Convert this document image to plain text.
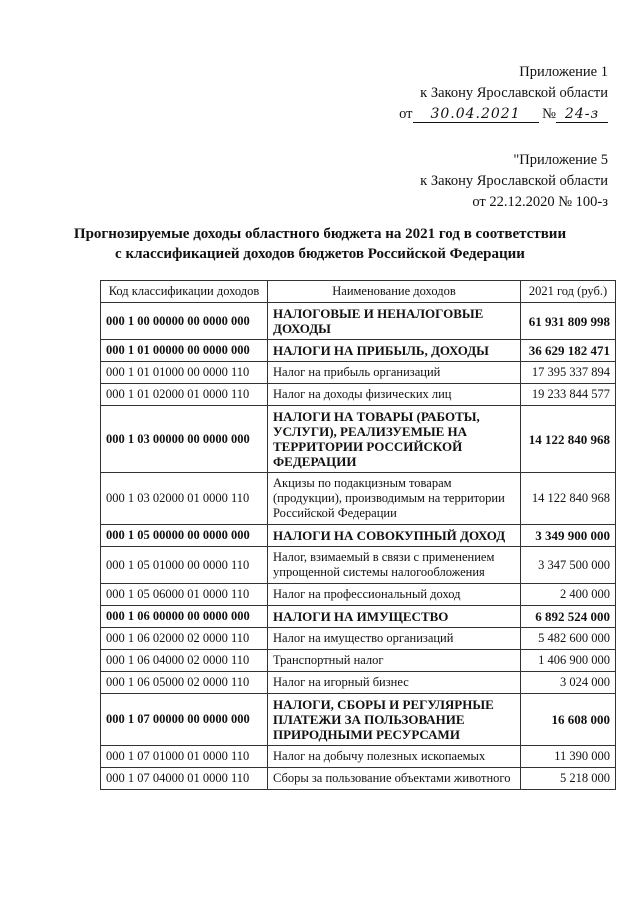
Приложение 1
к Закону Ярославской области
от 30.04.2021 № 24-з
"Приложение 5
к Закону Ярославской области
от 22.12.2020 № 100-з
Прогнозируемые доходы областного бюджета на 2021 год в соответствии
с классификацией доходов бюджетов Российской Федерации
Код классификации доходов	Наименование доходов	2021 год (руб.)
000 1 00 00000 00 0000 000	НАЛОГОВЫЕ И НЕНАЛОГОВЫЕ ДОХОДЫ	61 931 809 998
000 1 01 00000 00 0000 000	НАЛОГИ НА ПРИБЫЛЬ, ДОХОДЫ	36 629 182 471
000 1 01 01000 00 0000 110	Налог на прибыль организаций	17 395 337 894
000 1 01 02000 01 0000 110	Налог на доходы физических лиц	19 233 844 577
000 1 03 00000 00 0000 000	НАЛОГИ НА ТОВАРЫ (РАБОТЫ, УСЛУГИ), РЕАЛИЗУЕМЫЕ НА ТЕРРИТОРИИ РОССИЙСКОЙ ФЕДЕРАЦИИ	14 122 840 968
000 1 03 02000 01 0000 110	Акцизы по подакцизным товарам (продукции), производимым на территории Российской Федерации	14 122 840 968
000 1 05 00000 00 0000 000	НАЛОГИ НА СОВОКУПНЫЙ ДОХОД	3 349 900 000
000 1 05 01000 00 0000 110	Налог, взимаемый в связи с применением упрощенной системы налогообложения	3 347 500 000
000 1 05 06000 01 0000 110	Налог на профессиональный доход	2 400 000
000 1 06 00000 00 0000 000	НАЛОГИ НА ИМУЩЕСТВО	6 892 524 000
000 1 06 02000 02 0000 110	Налог на имущество организаций	5 482 600 000
000 1 06 04000 02 0000 110	Транспортный налог	1 406 900 000
000 1 06 05000 02 0000 110	Налог на игорный бизнес	3 024 000
000 1 07 00000 00 0000 000	НАЛОГИ, СБОРЫ И РЕГУЛЯРНЫЕ ПЛАТЕЖИ ЗА ПОЛЬЗОВАНИЕ ПРИРОДНЫМИ РЕСУРСАМИ	16 608 000
000 1 07 01000 01 0000 110	Налог на добычу полезных ископаемых	11 390 000
000 1 07 04000 01 0000 110	Сборы за пользование объектами животного	5 218 000
